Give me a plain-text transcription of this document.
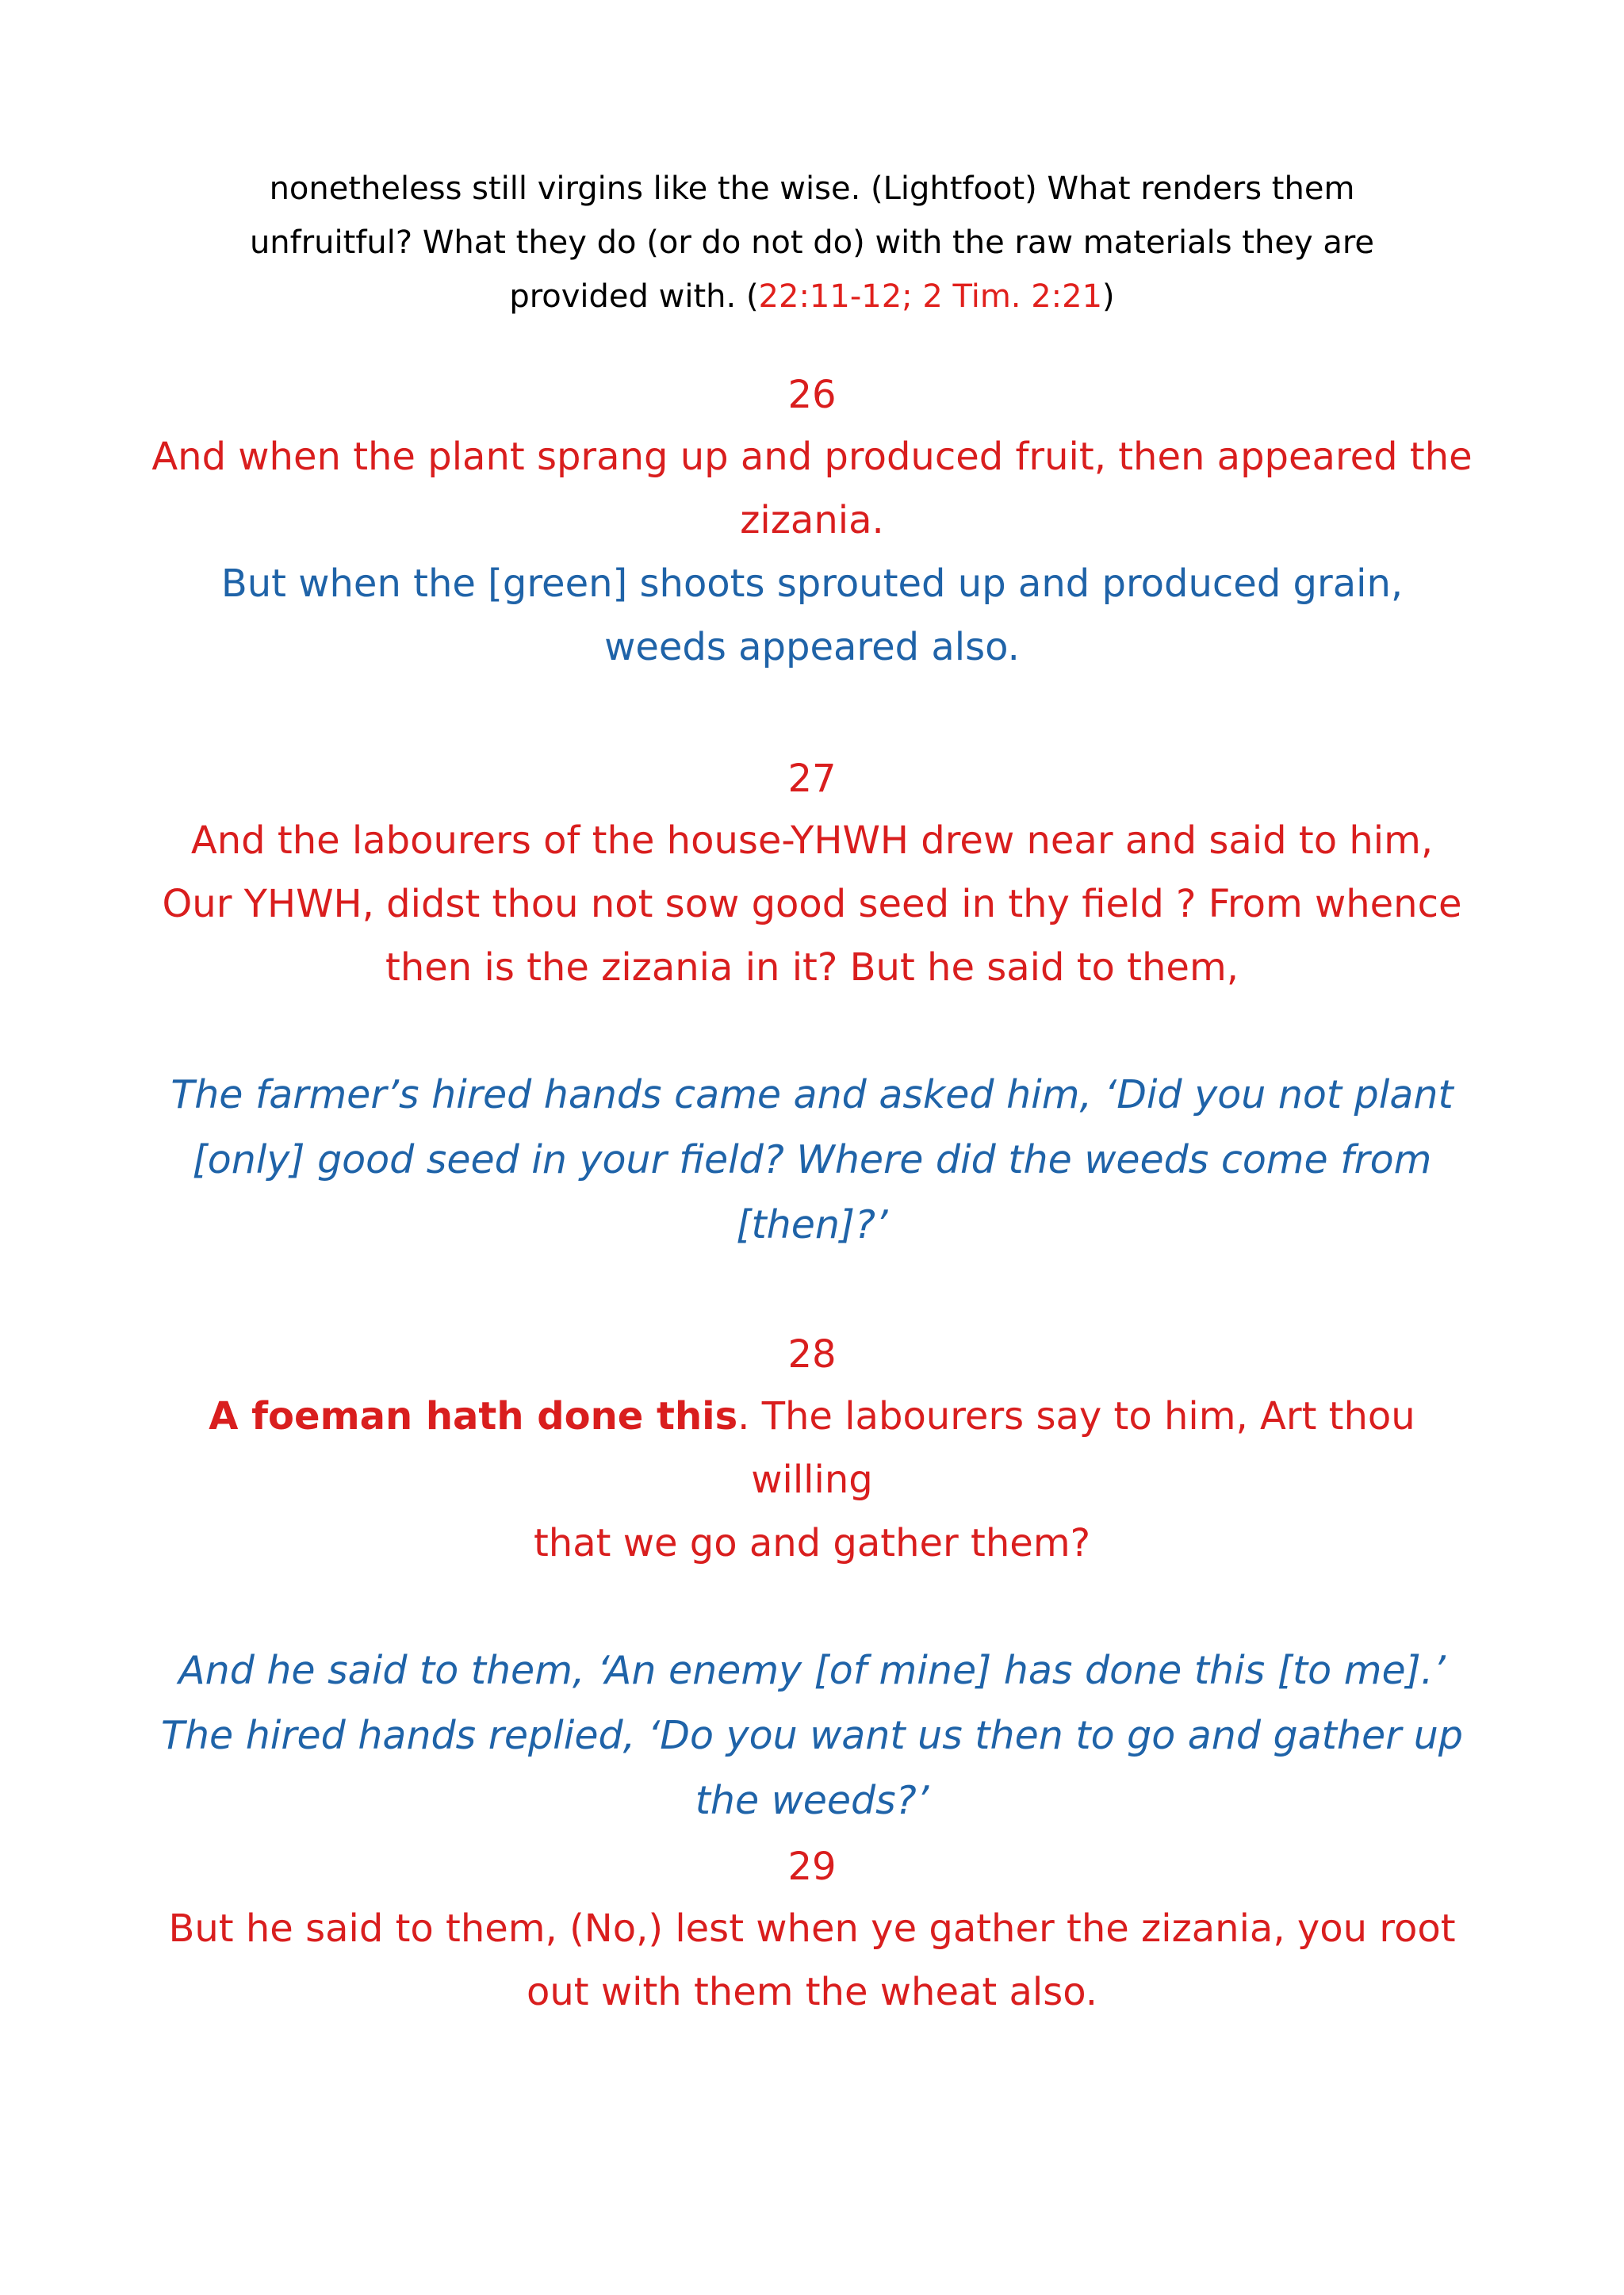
nonetheless still virgins like the wise. (Lightfoot) What renders them
unfruitful? What they do (or do not do) with the raw materials they are
provided with. (22:11-12; 2 Tim. 2:21)
26
And when the plant sprang up and produced fruit, then appeared the
zizania.
But when the [green] shoots sprouted up and produced grain,
weeds appeared also.
27
And the labourers of the house-YHWH drew near and said to him,
Our YHWH, didst thou not sow good seed in thy field ? From whence
then is the zizania in it? But he said to them,
The farmer’s hired hands came and asked him, ‘Did you not plant
[only] good seed in your field? Where did the weeds come from
[then]?’
28
A foeman hath done this. The labourers say to him, Art thou willing
that we go and gather them?
And he said to them, ‘An enemy [of mine] has done this [to me].’
The hired hands replied, ‘Do you want us then to go and gather up
the weeds?’
29
But he said to them, (No,) lest when ye gather the zizania, you root
out with them the wheat also.
